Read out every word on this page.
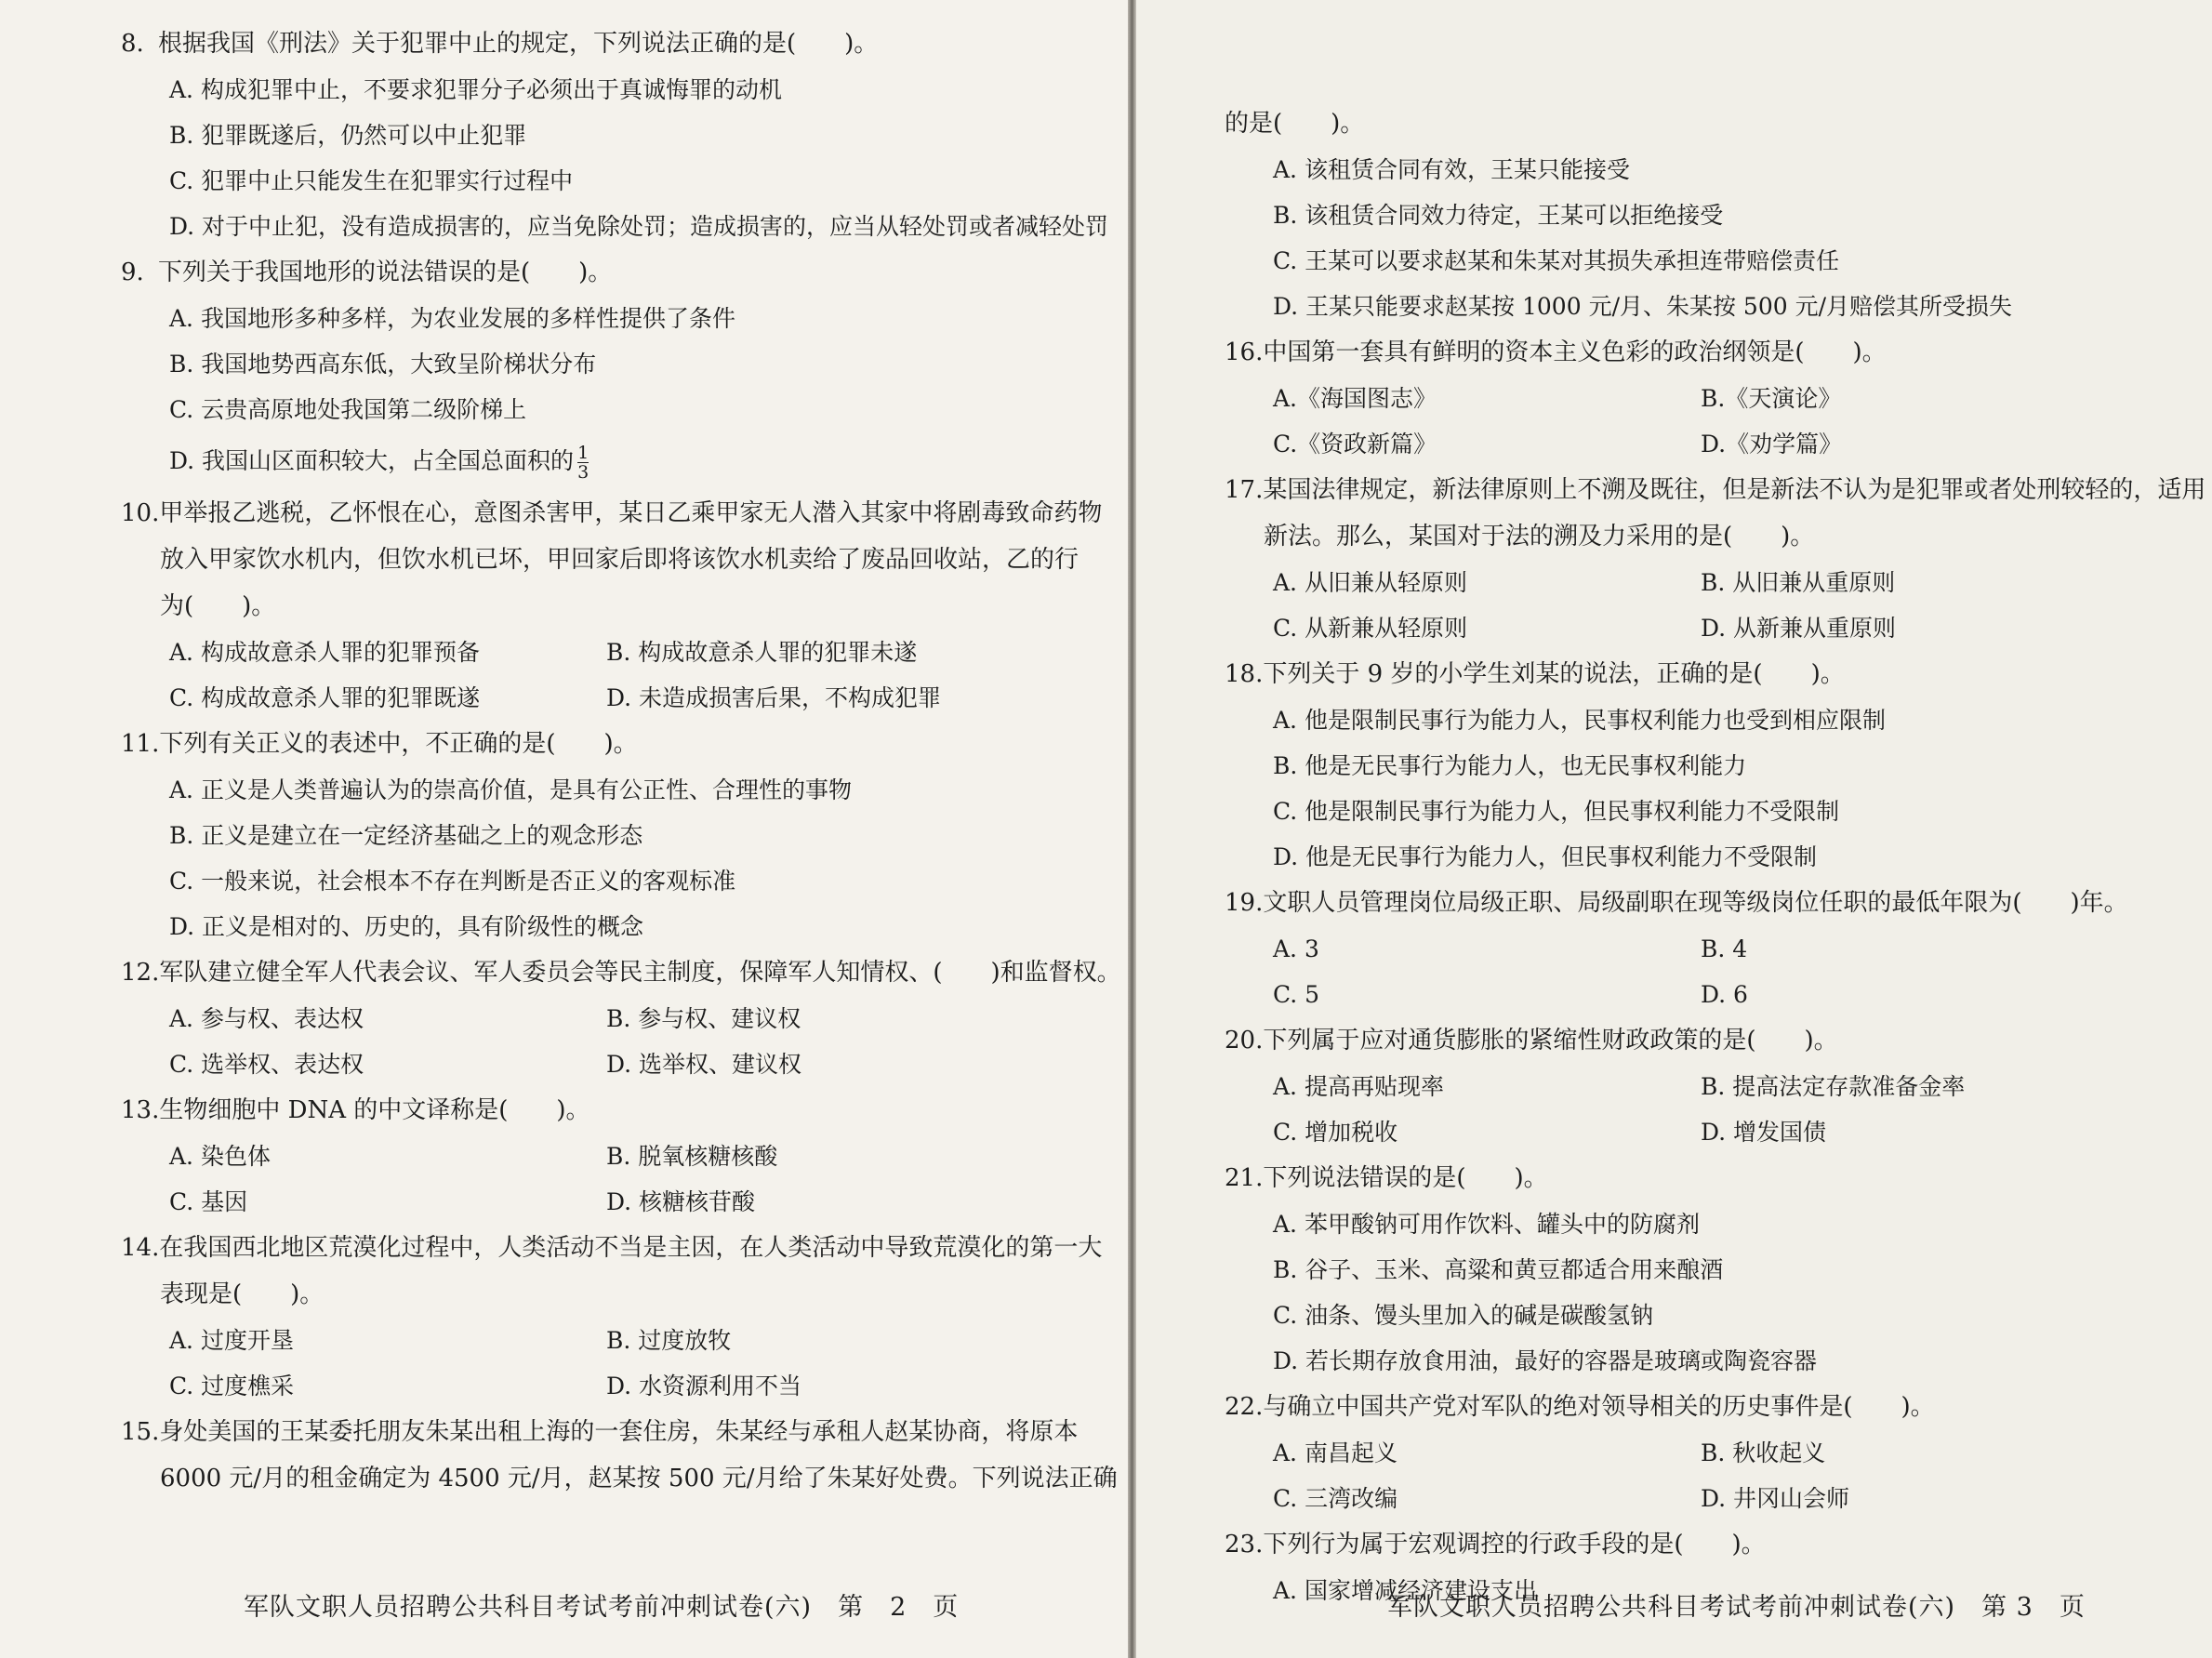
8. 根据我国《刑法》关于犯罪中止的规定，下列说法正确的是(　　)。
A. 构成犯罪中止，不要求犯罪分子必须出于真诚悔罪的动机
B. 犯罪既遂后，仍然可以中止犯罪
C. 犯罪中止只能发生在犯罪实行过程中
D. 对于中止犯，没有造成损害的，应当免除处罚；造成损害的，应当从轻处罚或者减轻处罚
9. 下列关于我国地形的说法错误的是(　　)。
A. 我国地形多种多样，为农业发展的多样性提供了条件
B. 我国地势西高东低，大致呈阶梯状分布
C. 云贵高原地处我国第二级阶梯上
D. 我国山区面积较大，占全国总面积的 $\frac{1}{3}$
10.甲举报乙逃税，乙怀恨在心，意图杀害甲，某日乙乘甲家无人潜入其家中将剧毒致命药物
放入甲家饮水机内，但饮水机已坏，甲回家后即将该饮水机卖给了废品回收站，乙的行
为(　　)。
A. 构成故意杀人罪的犯罪预备	B. 构成故意杀人罪的犯罪未遂
C. 构成故意杀人罪的犯罪既遂	D. 未造成损害后果，不构成犯罪
11.下列有关正义的表述中，不正确的是(　　)。
A. 正义是人类普遍认为的崇高价值，是具有公正性、合理性的事物
B. 正义是建立在一定经济基础之上的观念形态
C. 一般来说，社会根本不存在判断是否正义的客观标准
D. 正义是相对的、历史的，具有阶级性的概念
12.军队建立健全军人代表会议、军人委员会等民主制度，保障军人知情权、(　　)和监督权。
A. 参与权、表达权	B. 参与权、建议权
C. 选举权、表达权	D. 选举权、建议权
13.生物细胞中 DNA 的中文译称是(　　)。
A. 染色体	B. 脱氧核糖核酸
C. 基因	D. 核糖核苷酸
14.在我国西北地区荒漠化过程中，人类活动不当是主因，在人类活动中导致荒漠化的第一大
表现是(　　)。
A. 过度开垦	B. 过度放牧
C. 过度樵采	D. 水资源利用不当
15.身处美国的王某委托朋友朱某出租上海的一套住房，朱某经与承租人赵某协商，将原本
6000 元/月的租金确定为 4500 元/月，赵某按 500 元/月给了朱某好处费。下列说法正确
军队文职人员招聘公共科目考试考前冲刺试卷(六)　第　2　页
的是(　　)。
A. 该租赁合同有效，王某只能接受
B. 该租赁合同效力待定，王某可以拒绝接受
C. 王某可以要求赵某和朱某对其损失承担连带赔偿责任
D. 王某只能要求赵某按 1000 元/月、朱某按 500 元/月赔偿其所受损失
16.中国第一套具有鲜明的资本主义色彩的政治纲领是(　　)。
A.《海国图志》	B.《天演论》
C.《资政新篇》	D.《劝学篇》
17.某国法律规定，新法律原则上不溯及既往，但是新法不认为是犯罪或者处刑较轻的，适用
新法。那么，某国对于法的溯及力采用的是(　　)。
A. 从旧兼从轻原则	B. 从旧兼从重原则
C. 从新兼从轻原则	D. 从新兼从重原则
18.下列关于 9 岁的小学生刘某的说法，正确的是(　　)。
A. 他是限制民事行为能力人，民事权利能力也受到相应限制
B. 他是无民事行为能力人，也无民事权利能力
C. 他是限制民事行为能力人，但民事权利能力不受限制
D. 他是无民事行为能力人，但民事权利能力不受限制
19.文职人员管理岗位局级正职、局级副职在现等级岗位任职的最低年限为(　　)年。
A. 3	B. 4
C. 5	D. 6
20.下列属于应对通货膨胀的紧缩性财政政策的是(　　)。
A. 提高再贴现率	B. 提高法定存款准备金率
C. 增加税收	D. 增发国债
21.下列说法错误的是(　　)。
A. 苯甲酸钠可用作饮料、罐头中的防腐剂
B. 谷子、玉米、高粱和黄豆都适合用来酿酒
C. 油条、馒头里加入的碱是碳酸氢钠
D. 若长期存放食用油，最好的容器是玻璃或陶瓷容器
22.与确立中国共产党对军队的绝对领导相关的历史事件是(　　)。
A. 南昌起义	B. 秋收起义
C. 三湾改编	D. 井冈山会师
23.下列行为属于宏观调控的行政手段的是(　　)。
A. 国家增减经济建设支出
军队文职人员招聘公共科目考试考前冲刺试卷(六)　第 3　页
